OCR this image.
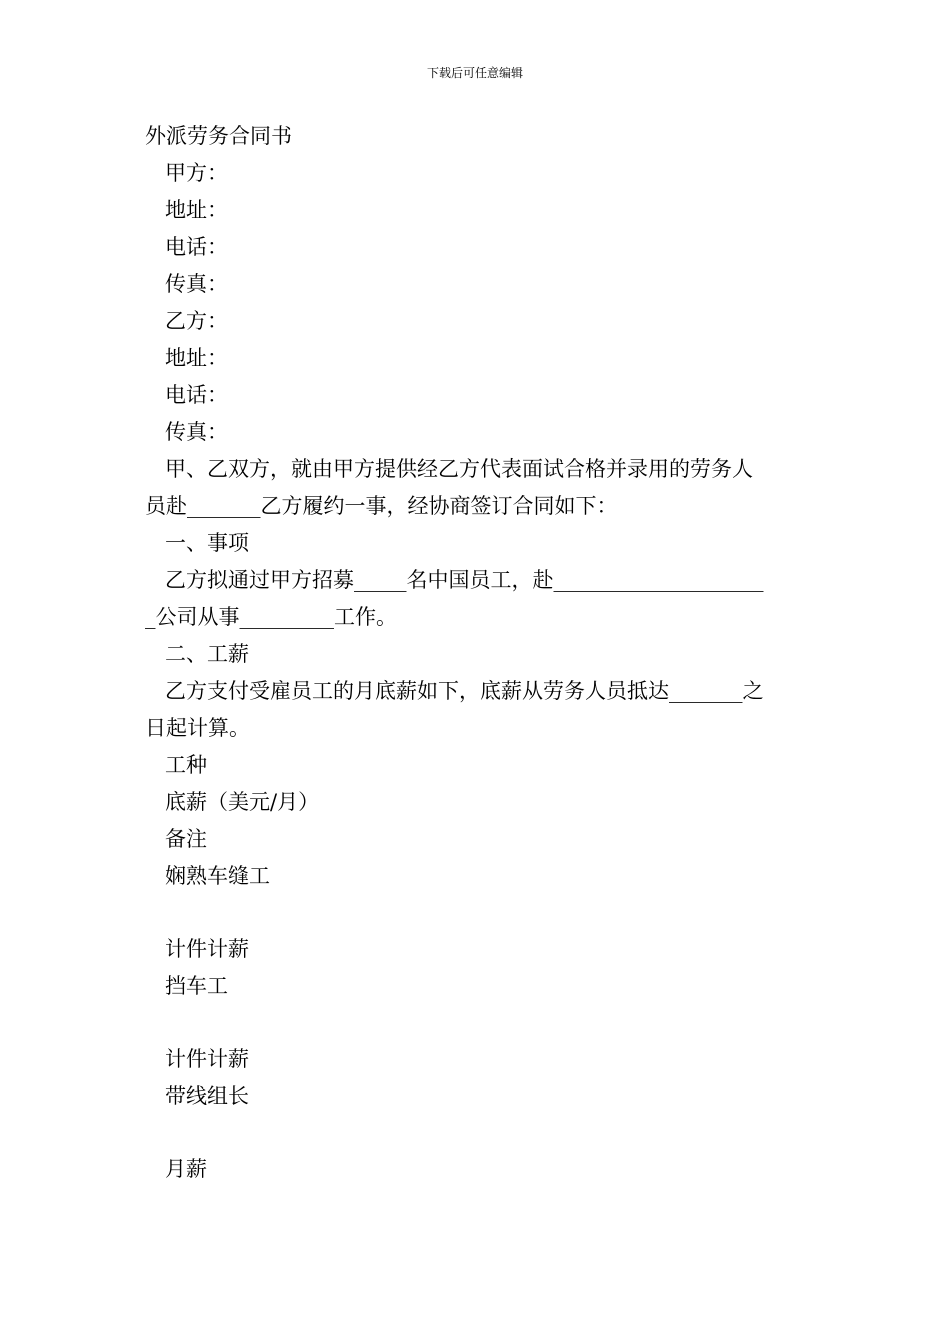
下载后可任意编辑
外派劳务合同书
甲方：
地址：
电话：
传真：
乙方：
地址：
电话：
传真：
甲、乙双方，就由甲方提供经乙方代表面试合格并录用的劳务人
员赴_______乙方履约一事，经协商签订合同如下：
一、事项
乙方拟通过甲方招募_____名中国员工，赴____________________
_公司从事_________工作。
二、工薪
乙方支付受雇员工的月底薪如下，底薪从劳务人员抵达_______之
日起计算。
工种
底薪（美元/月）
备注
娴熟车缝工
计件计薪
挡车工
计件计薪
带线组长
月薪
